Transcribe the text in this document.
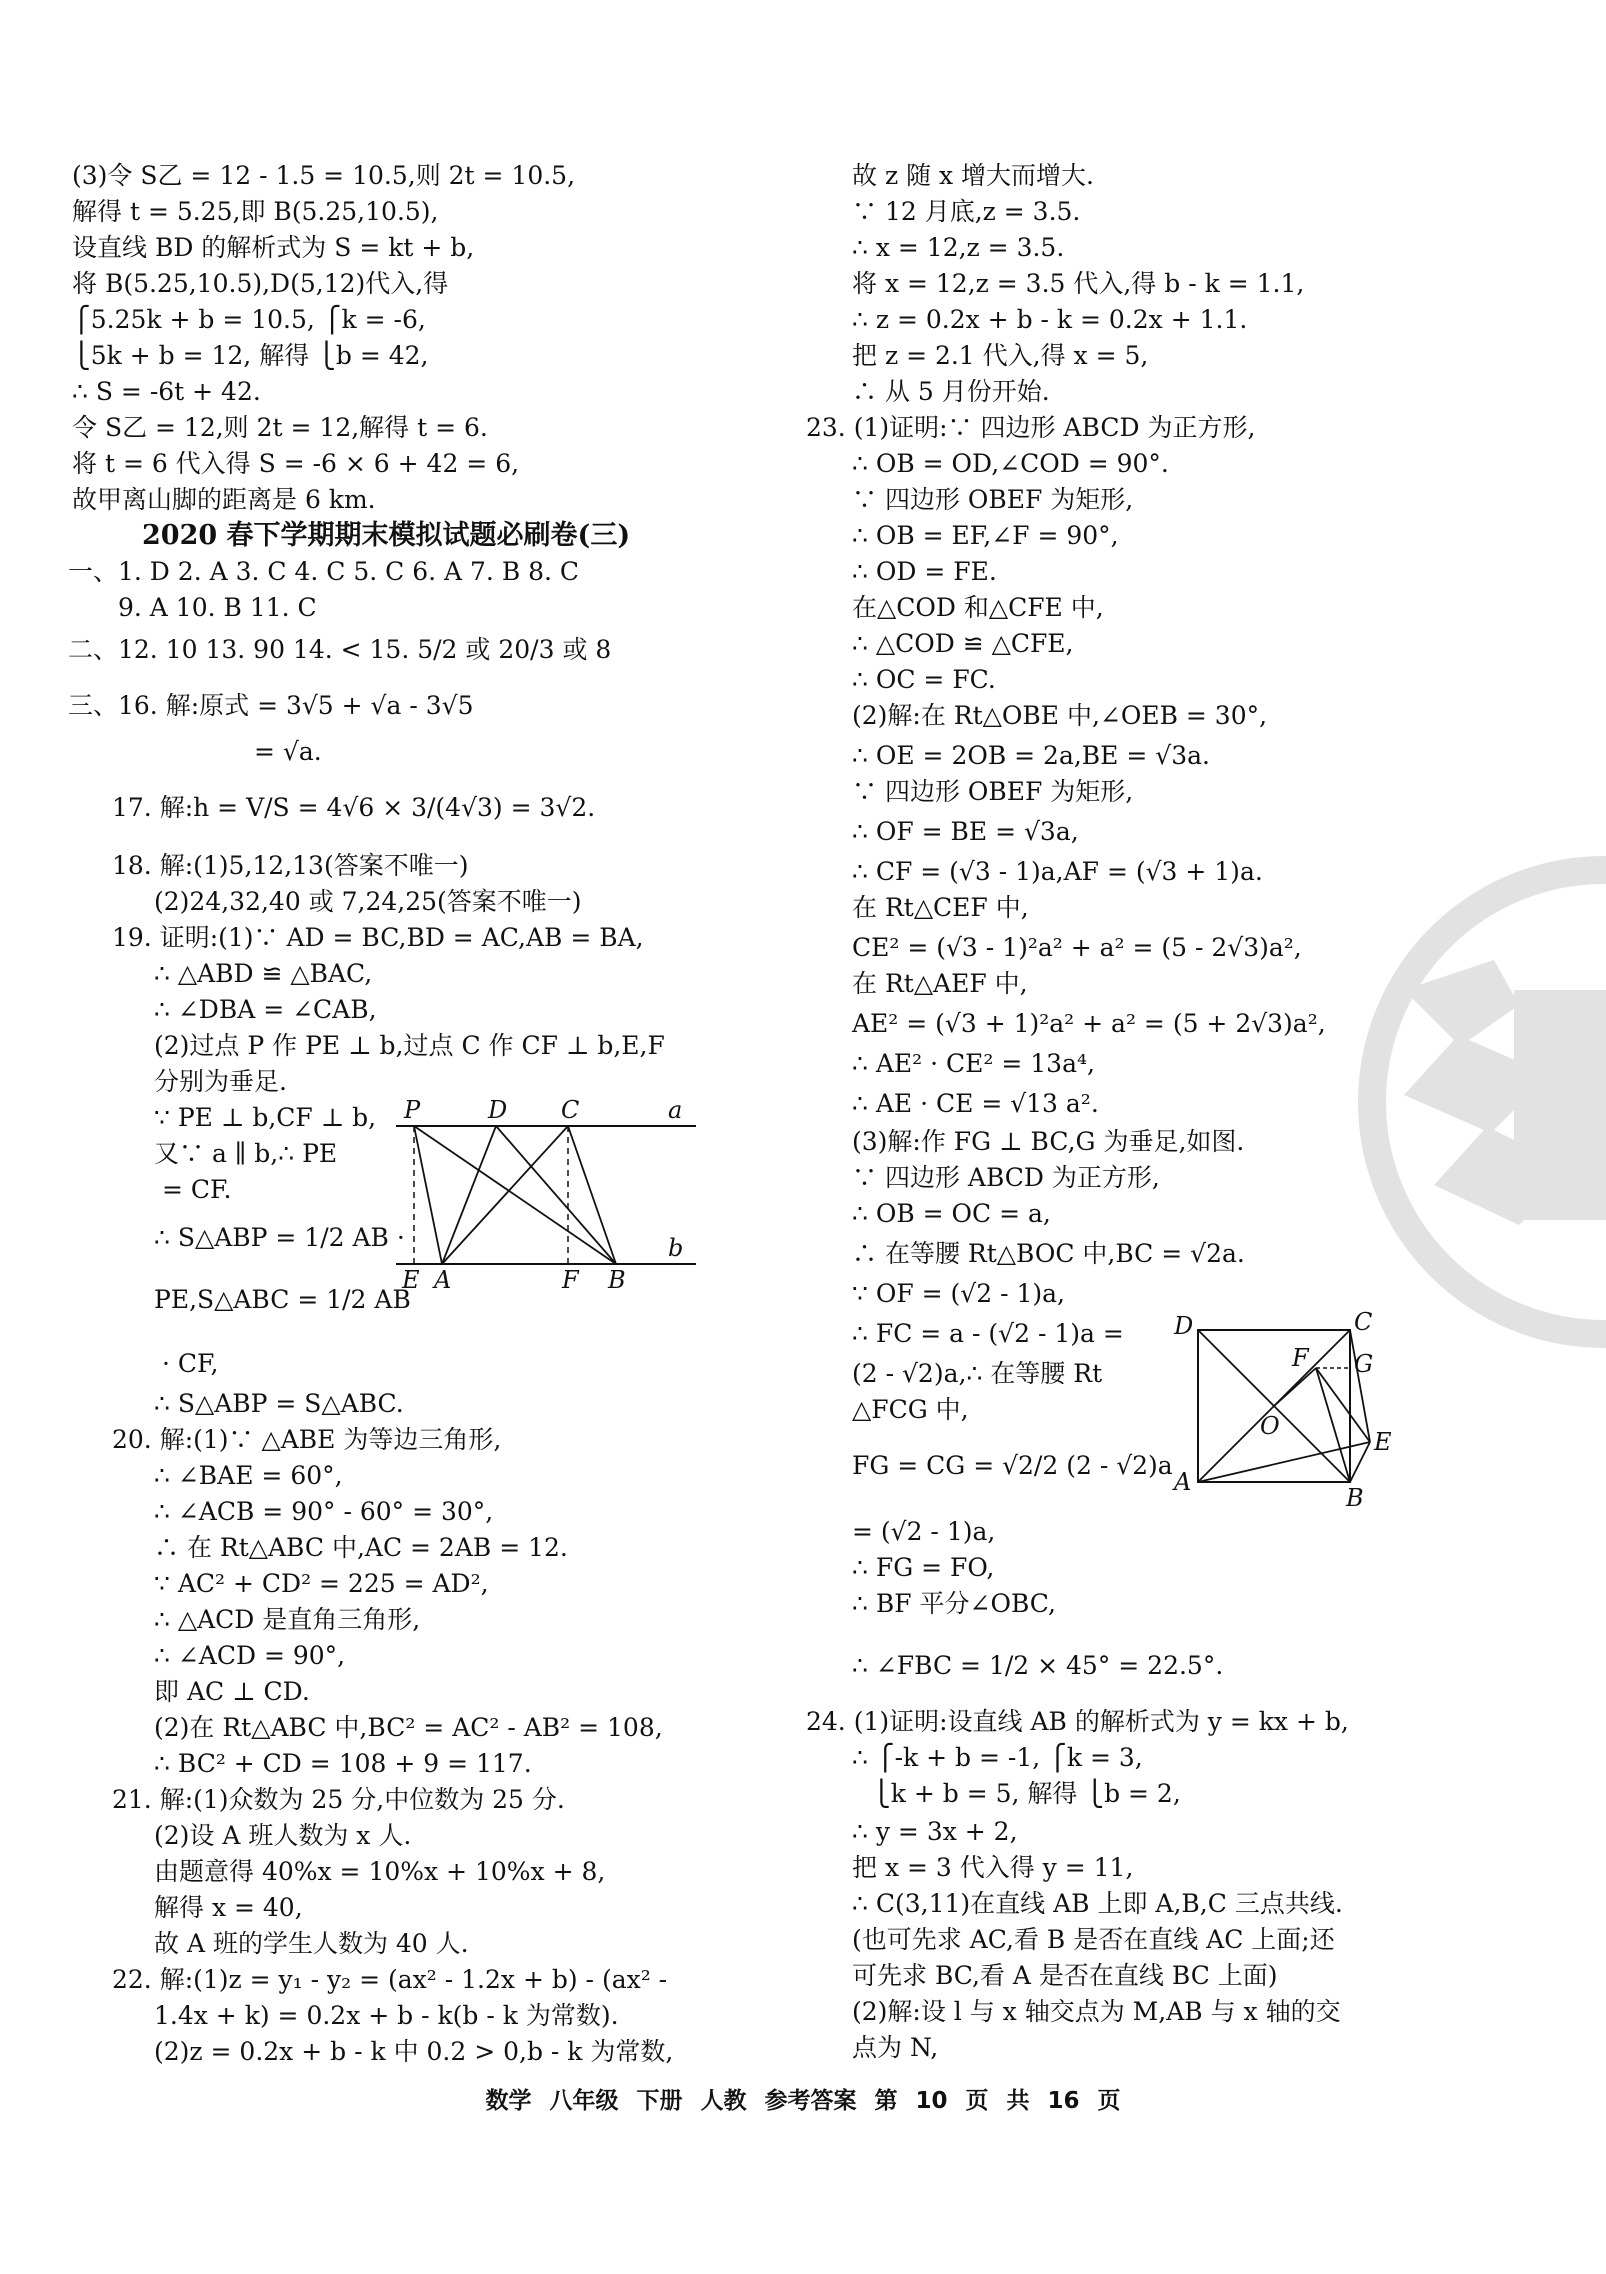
(3)令 S乙 = 12 - 1.5 = 10.5,则 2t = 10.5,
解得 t = 5.25,即 B(5.25,10.5),
设直线 BD 的解析式为 S = kt + b,
将 B(5.25,10.5),D(5,12)代入,得
⎧5.25k + b = 10.5, ⎧k = -6,
⎩5k + b = 12, 解得 ⎩b = 42,
∴ S = -6t + 42.
令 S乙 = 12,则 2t = 12,解得 t = 6.
将 t = 6 代入得 S = -6 × 6 + 42 = 6,
故甲离山脚的距离是 6 km.
2020 春下学期期末模拟试题必刷卷(三)
一、1. D 2. A 3. C 4. C 5. C 6. A 7. B 8. C
9. A 10. B 11. C
二、12. 10 13. 90 14. < 15. 5/2 或 20/3 或 8
三、16. 解:原式 = 3√5 + √a - 3√5
= √a.
17. 解:h = V/S = 4√6 × 3/(4√3) = 3√2.
18. 解:(1)5,12,13(答案不唯一)
(2)24,32,40 或 7,24,25(答案不唯一)
19. 证明:(1)∵ AD = BC,BD = AC,AB = BA,
∴ △ABD ≌ △BAC,
∴ ∠DBA = ∠CAB,
(2)过点 P 作 PE ⊥ b,过点 C 作 CF ⊥ b,E,F
分别为垂足.
∵ PE ⊥ b,CF ⊥ b,
又∵ a ∥ b,∴ PE
= CF.
∴ S△ABP = 1/2 AB ·
PE,S△ABC = 1/2 AB
· CF,
∴ S△ABP = S△ABC.
20. 解:(1)∵ △ABE 为等边三角形,
∴ ∠BAE = 60°,
∴ ∠ACB = 90° - 60° = 30°,
∴ 在 Rt△ABC 中,AC = 2AB = 12.
∵ AC² + CD² = 225 = AD²,
∴ △ACD 是直角三角形,
∴ ∠ACD = 90°,
即 AC ⊥ CD.
(2)在 Rt△ABC 中,BC² = AC² - AB² = 108,
∴ BC² + CD = 108 + 9 = 117.
21. 解:(1)众数为 25 分,中位数为 25 分.
(2)设 A 班人数为 x 人.
由题意得 40%x = 10%x + 10%x + 8,
解得 x = 40,
故 A 班的学生人数为 40 人.
22. 解:(1)z = y₁ - y₂ = (ax² - 1.2x + b) - (ax² -
1.4x + k) = 0.2x + b - k(b - k 为常数).
(2)z = 0.2x + b - k 中 0.2 > 0,b - k 为常数,
P	D C	a
b
E A	F B
故 z 随 x 增大而增大.
∵ 12 月底,z = 3.5.
∴ x = 12,z = 3.5.
将 x = 12,z = 3.5 代入,得 b - k = 1.1,
∴ z = 0.2x + b - k = 0.2x + 1.1.
把 z = 2.1 代入,得 x = 5,
∴ 从 5 月份开始.
23. (1)证明:∵ 四边形 ABCD 为正方形,
∴ OB = OD,∠COD = 90°.
∵ 四边形 OBEF 为矩形,
∴ OB = EF,∠F = 90°,
∴ OD = FE.
在△COD 和△CFE 中,
∴ △COD ≌ △CFE,
∴ OC = FC.
(2)解:在 Rt△OBE 中,∠OEB = 30°,
∴ OE = 2OB = 2a,BE = √3a.
∵ 四边形 OBEF 为矩形,
∴ OF = BE = √3a,
∴ CF = (√3 - 1)a,AF = (√3 + 1)a.
在 Rt△CEF 中,
CE² = (√3 - 1)²a² + a² = (5 - 2√3)a²,
在 Rt△AEF 中,
AE² = (√3 + 1)²a² + a² = (5 + 2√3)a²,
∴ AE² · CE² = 13a⁴,
∴ AE · CE = √13 a².
(3)解:作 FG ⊥ BC,G 为垂足,如图.
∵ 四边形 ABCD 为正方形,
∴ OB = OC = a,
∴ 在等腰 Rt△BOC 中,BC = √2a.
∵ OF = (√2 - 1)a,
∴ FC = a - (√2 - 1)a =
(2 - √2)a,∴ 在等腰 Rt
△FCG 中,
FG = CG = √2/2 (2 - √2)a
= (√2 - 1)a,
∴ FG = FO,
∴ BF 平分∠OBC,
∴ ∠FBC = 1/2 × 45° = 22.5°.
24. (1)证明:设直线 AB 的解析式为 y = kx + b,
∴ ⎧-k + b = -1, ⎧k = 3,
⎩k + b = 5, 解得 ⎩b = 2,
∴ y = 3x + 2,
把 x = 3 代入得 y = 11,
∴ C(3,11)在直线 AB 上即 A,B,C 三点共线.
(也可先求 AC,看 B 是否在直线 AC 上面;还
可先求 BC,看 A 是否在直线 BC 上面)
(2)解:设 l 与 x 轴交点为 M,AB 与 x 轴的交
点为 N,
D	C
F G
O
E
A
B
数学 八年级 下册 人教 参考答案 第 10 页 共 16 页
